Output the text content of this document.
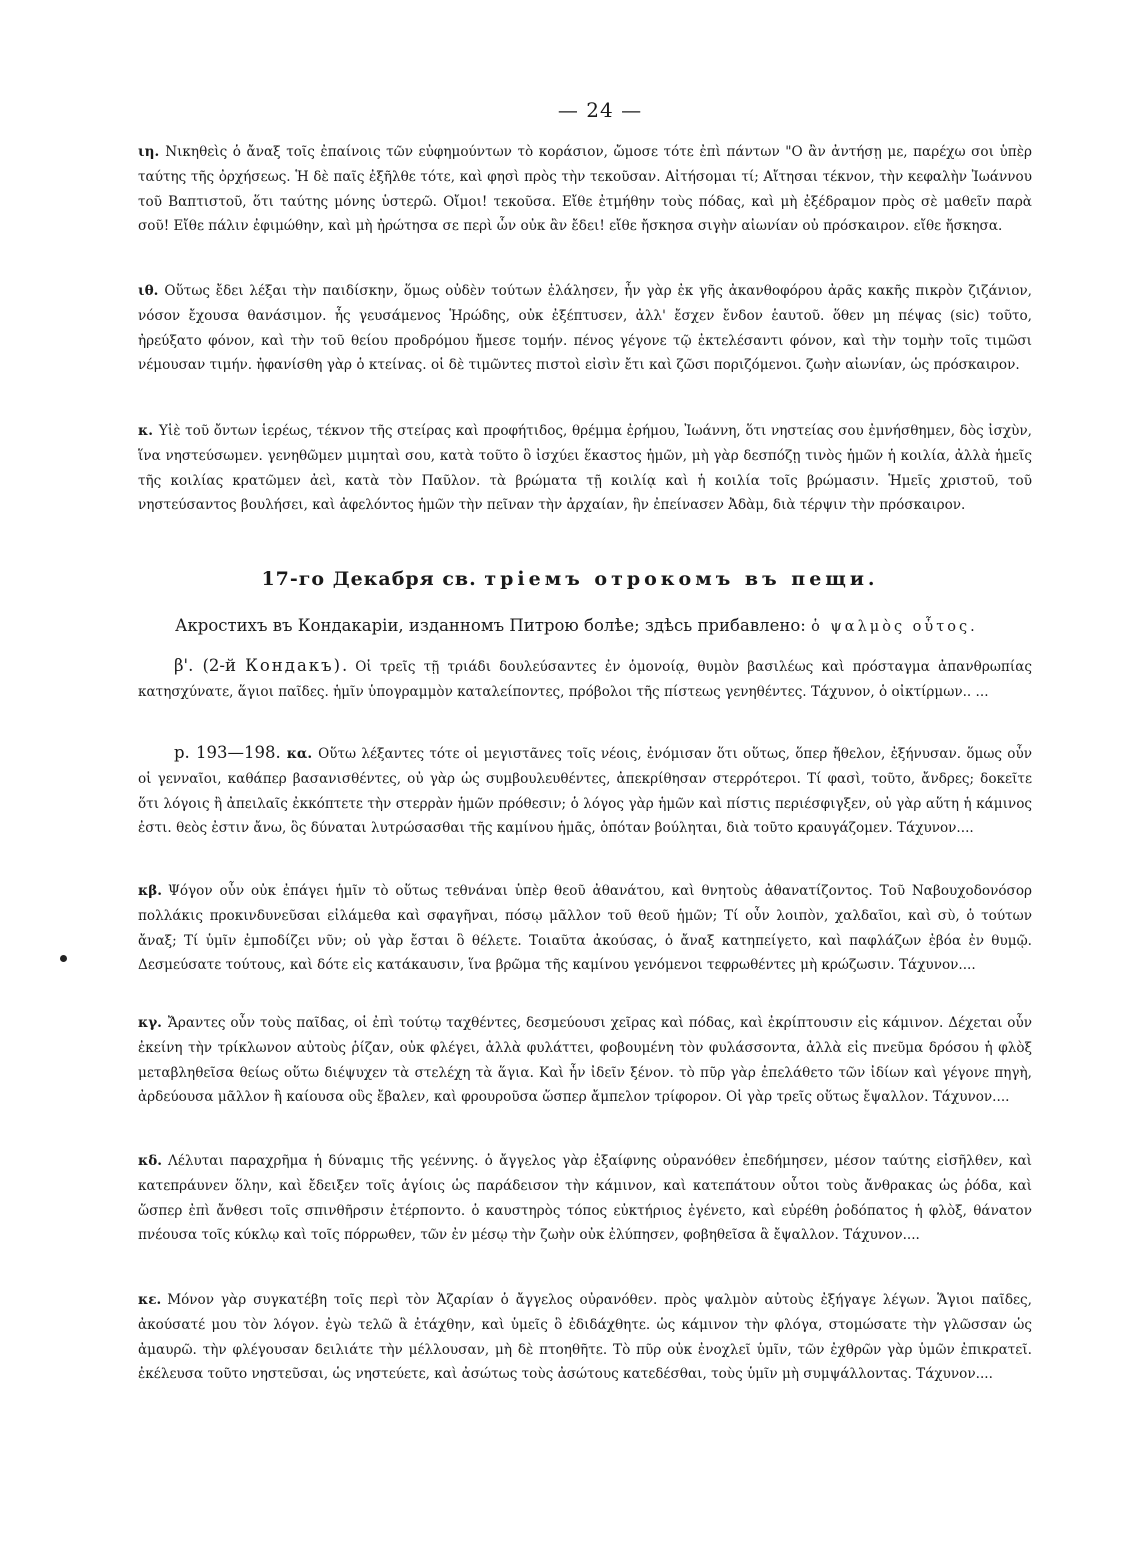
— 24 —
ιη. Νικηθεὶς ὁ ἄναξ τοῖς ἐπαίνοις τῶν εὐφημούντων τὸ κοράσιον, ὤμοσε τότε ἐπὶ πάντων "Ο ἂν ἀντήσῃ με, παρέχω σοι ὑπὲρ ταύτης τῆς ὀρχήσεως. Ἡ δὲ παῖς ἐξῆλθε τότε, καὶ φησὶ πρὸς τὴν τεκοῦσαν. Αἰτήσομαι τί; Αἴτησαι τέκνον, τὴν κεφαλὴν Ἰωάννου τοῦ Βαπτιστοῦ, ὅτι ταύτης μόνης ὑστερῶ. Οἴμοι! τεκοῦσα. Εἴθε ἐτμήθην τοὺς πόδας, καὶ μὴ ἐξέδραμον πρὸς σὲ μαθεῖν παρὰ σοῦ! Εἴθε πάλιν ἐφιμώθην, καὶ μὴ ἠρώτησα σε περὶ ὧν οὐκ ἂν ἔδει! εἴθε ἤσκησα σιγὴν αἰωνίαν οὐ πρόσκαιρον. εἴθε ἤσκησα.
ιθ. Οὕτως ἔδει λέξαι τὴν παιδίσκην, ὅμως οὐδὲν τούτων ἐλάλησεν, ἦν γὰρ ἐκ γῆς ἀκανθοφόρου ἀρᾶς κακῆς πικρὸν ζιζάνιον, νόσον ἔχουσα θανάσιμον. ἧς γευσάμενος Ἡρώδης, οὐκ ἐξέπτυσεν, ἀλλ' ἔσχεν ἔνδον ἑαυτοῦ. ὅθεν μη πέψας (sic) τοῦτο, ἠρεύξατο φόνον, καὶ τὴν τοῦ θείου προδρόμου ἤμεσε τομήν. πένος γέγονε τῷ ἐκτελέσαντι φόνον, καὶ τὴν τομὴν τοῖς τιμῶσι νέμουσαν τιμήν. ἠφανίσθη γὰρ ὁ κτείνας. οἱ δὲ τιμῶντες πιστοὶ εἰσὶν ἔτι καὶ ζῶσι ποριζόμενοι. ζωὴν αἰωνίαν, ὡς πρόσκαιρον.
κ. Υἱὲ τοῦ ὄντων ἱερέως, τέκνον τῆς στείρας καὶ προφήτιδος, θρέμμα ἐρήμου, Ἰωάννη, ὅτι νηστείας σου ἐμνήσθημεν, δὸς ἰσχὺν, ἵνα νηστεύσωμεν. γενηθῶμεν μιμηταὶ σου, κατὰ τοῦτο ὃ ἰσχύει ἕκαστος ἡμῶν, μὴ γὰρ δεσπόζῃ τινὸς ἡμῶν ἡ κοιλία, ἀλλὰ ἡμεῖς τῆς κοιλίας κρατῶμεν ἀεὶ, κατὰ τὸν Παῦλον. τὰ βρώματα τῇ κοιλίᾳ καὶ ἡ κοιλία τοῖς βρώμασιν. Ἡμεῖς χριστοῦ, τοῦ νηστεύσαντος βουλήσει, καὶ ἀφελόντος ἡμῶν τὴν πεῖναν τὴν ἀρχαίαν, ἣν ἐπείνασεν Ἀδὰμ, διὰ τέρψιν τὴν πρόσκαιρον.
17-го Декабря св. трiемъ отрокомъ въ пещи.
Акростихъ въ Кондакарiи, изданномъ Питрою болѣе; здѣсь прибавлено: ὁ ψαλμὸς οὗτος.
β'. (2-й Кондакъ). Οἱ τρεῖς τῇ τριάδι δουλεύσαντες ἐν ὁμονοίᾳ, θυμὸν βασιλέως καὶ πρόσταγμα ἀπανθρωπίας κατησχύνατε, ἅγιοι παῖδες. ἡμῖν ὑπογραμμὸν καταλείποντες, πρόβολοι τῆς πίστεως γενηθέντες. Τάχυνον, ὁ οἰκτίρμων.. ...
p. 193—198. κα. Οὕτω λέξαντες τότε οἱ μεγιστᾶνες τοῖς νέοις, ἐνόμισαν ὅτι οὕτως, ὅπερ ἤθελον, ἐξήνυσαν. ὅμως οὖν οἱ γενναῖοι, καθάπερ βασανισθέντες, οὐ γὰρ ὡς συμβουλευθέντες, ἀπεκρίθησαν στερρότεροι. Τί φασὶ, τοῦτο, ἄνδρες; δοκεῖτε ὅτι λόγοις ἢ ἀπειλαῖς ἐκκόπτετε τὴν στερρὰν ἡμῶν πρόθεσιν; ὁ λόγος γὰρ ἡμῶν καὶ πίστις περιέσφιγξεν, οὐ γὰρ αὕτη ἡ κάμινος ἐστι. θεὸς ἐστιν ἄνω, ὃς δύναται λυτρώσασθαι τῆς καμίνου ἡμᾶς, ὁπόταν βούληται, διὰ τοῦτο κραυγάζομεν. Τάχυνον....
κβ. Ψόγον οὖν οὐκ ἐπάγει ἡμῖν τὸ οὕτως τεθνάναι ὑπὲρ θεοῦ ἀθανάτου, καὶ θνητοὺς ἀθανατίζοντος. Τοῦ Ναβουχοδονόσορ πολλάκις προκινδυνεῦσαι εἰλάμεθα καὶ σφαγῆναι, πόσῳ μᾶλλον τοῦ θεοῦ ἡμῶν; Τί οὖν λοιπὸν, χαλδαῖοι, καὶ σὺ, ὁ τούτων ἄναξ; Τί ὑμῖν ἐμποδίζει νῦν; οὐ γὰρ ἔσται ὃ θέλετε. Τοιαῦτα ἀκούσας, ὁ ἄναξ κατηπείγετο, καὶ παφλάζων ἐβόα ἐν θυμῷ. Δεσμεύσατε τούτους, καὶ δότε εἰς κατάκαυσιν, ἵνα βρῶμα τῆς καμίνου γενόμενοι τεφρωθέντες μὴ κρώζωσιν. Τάχυνον....
κγ. Ἄραντες οὖν τοὺς παῖδας, οἱ ἐπὶ τούτῳ ταχθέντες, δεσμεύουσι χεῖρας καὶ πόδας, καὶ ἐκρίπτουσιν εἰς κάμινον. Δέχεται οὖν ἐκείνη τὴν τρίκλωνον αὐτοὺς ῥίζαν, οὐκ φλέγει, ἀλλὰ φυλάττει, φοβουμένη τὸν φυλάσσοντα, ἀλλὰ εἰς πνεῦμα δρόσου ἡ φλὸξ μεταβληθεῖσα θείως οὕτω διέψυχεν τὰ στελέχη τὰ ἅγια. Καὶ ἦν ἰδεῖν ξένον. τὸ πῦρ γὰρ ἐπελάθετο τῶν ἰδίων καὶ γέγονε πηγὴ, ἀρδεύουσα μᾶλλον ἢ καίουσα οὓς ἔβαλεν, καὶ φρουροῦσα ὥσπερ ἄμπελον τρίφορον. Οἱ γὰρ τρεῖς οὕτως ἔψαλλον. Τάχυνον....
κδ. Λέλυται παραχρῆμα ἡ δύναμις τῆς γεέννης. ὁ ἄγγελος γὰρ ἐξαίφνης οὐρανόθεν ἐπεδήμησεν, μέσον ταύτης εἰσῆλθεν, καὶ κατεπράυνεν ὅλην, καὶ ἔδειξεν τοῖς ἁγίοις ὡς παράδεισον τὴν κάμινον, καὶ κατεπάτουν οὗτοι τοὺς ἄνθρακας ὡς ῥόδα, καὶ ὥσπερ ἐπὶ ἄνθεσι τοῖς σπινθῆρσιν ἐτέρποντο. ὁ καυστηρὸς τόπος εὐκτήριος ἐγένετο, καὶ εὑρέθη ῥοδόπατος ἡ φλὸξ, θάνατον πνέουσα τοῖς κύκλῳ καὶ τοῖς πόρρωθεν, τῶν ἐν μέσῳ τὴν ζωὴν οὐκ ἐλύπησεν, φοβηθεῖσα ἃ ἔψαλλον. Τάχυνον....
κε. Μόνον γὰρ συγκατέβη τοῖς περὶ τὸν Ἀζαρίαν ὁ ἄγγελος οὐρανόθεν. πρὸς ψαλμὸν αὐτοὺς ἐξήγαγε λέγων. Ἅγιοι παῖδες, ἀκούσατέ μου τὸν λόγον. ἐγὼ τελῶ ἃ ἐτάχθην, καὶ ὑμεῖς ὃ ἐδιδάχθητε. ὡς κάμινον τὴν φλόγα, στομώσατε τὴν γλῶσσαν ὡς ἀμαυρῶ. τὴν φλέγουσαν δειλιάτε τὴν μέλλουσαν, μὴ δὲ πτοηθῆτε. Τὸ πῦρ οὐκ ἐνοχλεῖ ὑμῖν, τῶν ἐχθρῶν γὰρ ὑμῶν ἐπικρατεῖ. ἐκέλευσα τοῦτο νηστεῦσαι, ὡς νηστεύετε, καὶ ἀσώτως τοὺς ἀσώτους κατεδέσθαι, τοὺς ὑμῖν μὴ συμψάλλοντας. Τάχυνον....
